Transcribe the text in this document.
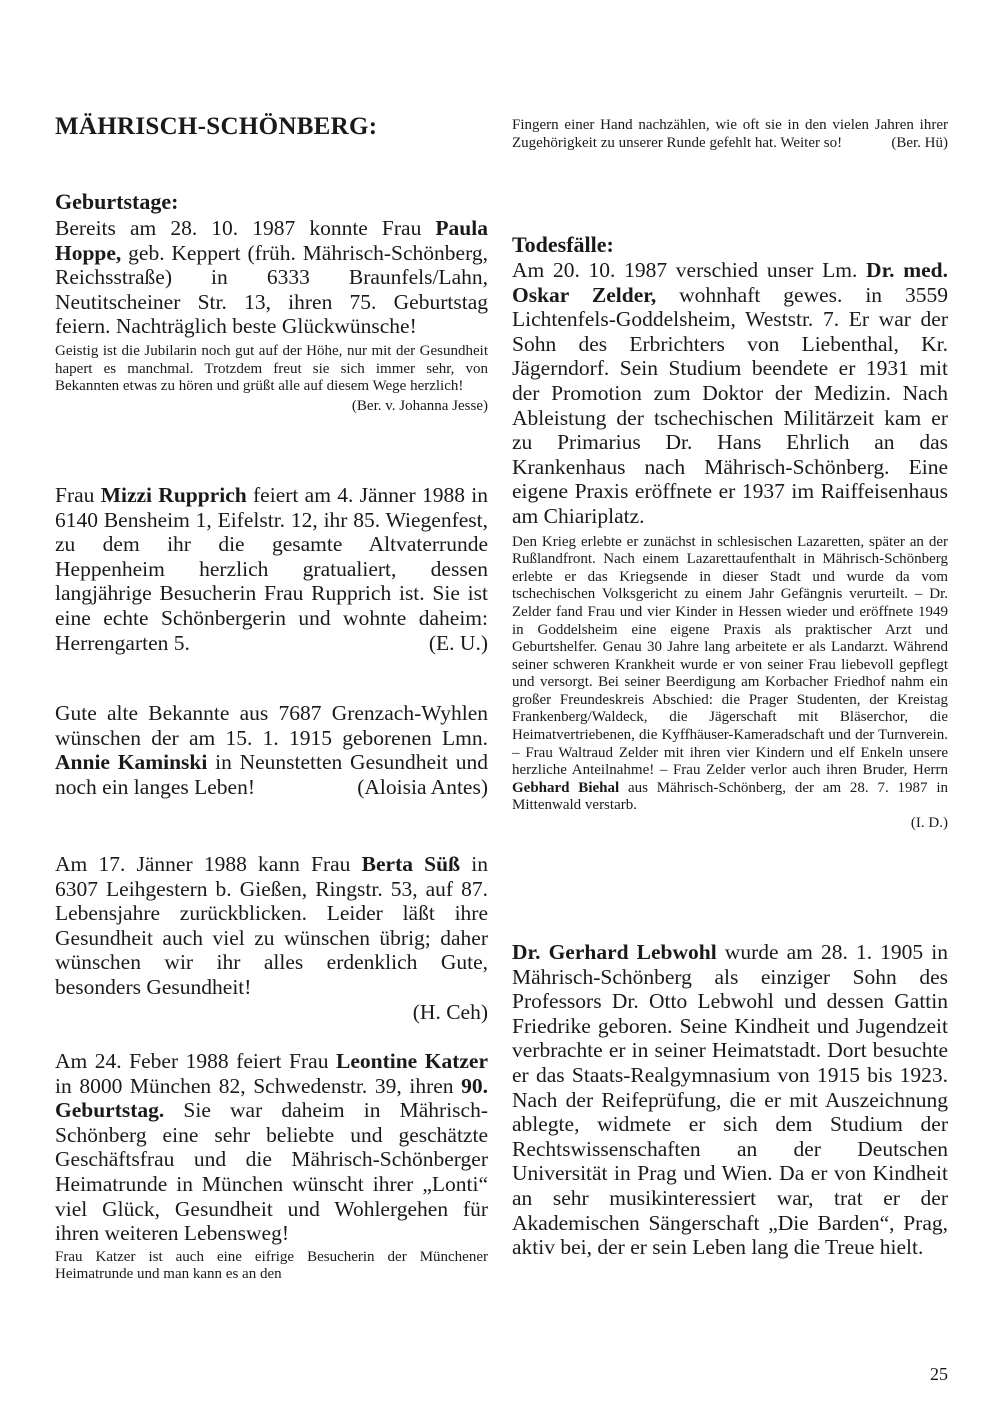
MÄHRISCH-SCHÖNBERG:
Geburtstage:

Bereits am 28. 10. 1987 konnte Frau Paula Hoppe, geb. Keppert (früh. Mährisch-Schönberg, Reichsstraße) in 6333 Braunfels/Lahn, Neutitscheiner Str. 13, ihren 75. Geburtstag feiern. Nachträglich beste Glückwünsche!

Geistig ist die Jubilarin noch gut auf der Höhe, nur mit der Gesundheit hapert es manchmal. Trotzdem freut sie sich immer sehr, von Bekannten etwas zu hören und grüßt alle auf diesem Wege herzlich!

(Ber. v. Johanna Jesse)

Frau Mizzi Rupprich feiert am 4. Jänner 1988 in 6140 Bensheim 1, Eifelstr. 12, ihr 85. Wiegenfest, zu dem ihr die gesamte Altvaterrunde Heppenheim herzlich gratualiert, dessen langjährige Besucherin Frau Rupprich ist. Sie ist eine echte Schönbergerin und wohnte daheim: Herrengarten 5.	(E. U.)

Gute alte Bekannte aus 7687 Grenzach-Wyhlen wünschen der am 15. 1. 1915 geborenen Lmn. Annie Kaminski in Neunstetten Gesundheit und noch ein langes Leben!	(Aloisia Antes)

Am 17. Jänner 1988 kann Frau Berta Süß in 6307 Leihgestern b. Gießen, Ringstr. 53, auf 87. Lebensjahre zurückblicken. Leider läßt ihre Gesundheit auch viel zu wünschen übrig; daher wünschen wir ihr alles erdenklich Gute, besonders Gesundheit!

(H. Ceh)

Am 24. Feber 1988 feiert Frau Leontine Katzer in 8000 München 82, Schwedenstr. 39, ihren 90. Geburtstag. Sie war daheim in Mährisch-Schönberg eine sehr beliebte und geschätzte Geschäftsfrau und die Mährisch-Schönberger Heimatrunde in München wünscht ihrer „Lonti“ viel Glück, Gesundheit und Wohlergehen für ihren weiteren Lebensweg!

Frau Katzer ist auch eine eifrige Besucherin der Münchener Heimatrunde und man kann es an den

Fingern einer Hand nachzählen, wie oft sie in den vielen Jahren ihrer Zugehörigkeit zu unserer Runde gefehlt hat. Weiter so!	(Ber. Hü)

Todesfälle:

Am 20. 10. 1987 verschied unser Lm. Dr. med. Oskar Zelder, wohnhaft gewes. in 3559 Lichtenfels-Goddelsheim, Weststr. 7. Er war der Sohn des Erbrichters von Liebenthal, Kr. Jägerndorf. Sein Studium beendete er 1931 mit der Promotion zum Doktor der Medizin. Nach Ableistung der tschechischen Militärzeit kam er zu Primarius Dr. Hans Ehrlich an das Krankenhaus nach Mährisch-Schönberg. Eine eigene Praxis eröffnete er 1937 im Raiffeisenhaus am Chiariplatz.

Den Krieg erlebte er zunächst in schlesischen Lazaretten, später an der Rußlandfront. Nach einem Lazarettaufenthalt in Mährisch-Schönberg erlebte er das Kriegsende in dieser Stadt und wurde da vom tschechischen Volksgericht zu einem Jahr Gefängnis verurteilt. – Dr. Zelder fand Frau und vier Kinder in Hessen wieder und eröffnete 1949 in Goddelsheim eine eigene Praxis als praktischer Arzt und Geburtshelfer. Genau 30 Jahre lang arbeitete er als Landarzt. Während seiner schweren Krankheit wurde er von seiner Frau liebevoll gepflegt und versorgt. Bei seiner Beerdigung am Korbacher Friedhof nahm ein großer Freundeskreis Abschied: die Prager Studenten, der Kreistag Frankenberg/Waldeck, die Jägerschaft mit Bläserchor, die Heimatvertriebenen, die Kyffhäuser-Kameradschaft und der Turnverein. – Frau Waltraud Zelder mit ihren vier Kindern und elf Enkeln unsere herzliche Anteilnahme! – Frau Zelder verlor auch ihren Bruder, Herrn Gebhard Biehal aus Mährisch-Schönberg, der am 28. 7. 1987 in Mittenwald verstarb.

(I. D.)

Dr. Gerhard Lebwohl wurde am 28. 1. 1905 in Mährisch-Schönberg als einziger Sohn des Professors Dr. Otto Lebwohl und dessen Gattin Friedrike geboren. Seine Kindheit und Jugendzeit verbrachte er in seiner Heimatstadt. Dort besuchte er das Staats-Realgymnasium von 1915 bis 1923. Nach der Reifeprüfung, die er mit Auszeichnung ablegte, widmete er sich dem Studium der Rechtswissenschaften an der Deutschen Universität in Prag und Wien. Da er von Kindheit an sehr musikinteressiert war, trat er der Akademischen Sängerschaft „Die Barden“, Prag, aktiv bei, der er sein Leben lang die Treue hielt.

25
